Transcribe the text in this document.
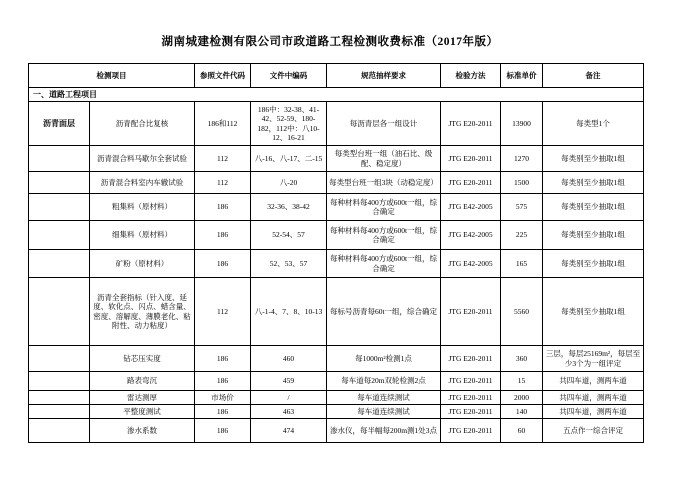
湖南城建检测有限公司市政道路工程检测收费标准（2017年版）
检测项目		参照文件代码	文件中编码	规范抽样要求	检验方法	标准单价	备注
一、道路工程项目							
沥青面层	沥青配合比复核	186和112	186中：32-38、41-42、52-59、180-182，112中：八10-12、16-21	每沥青层各一组设计	JTG E20-2011	13900	每类型1个
	沥青混合料马歇尔全套试验	112	八-16、八-17、二-15	每类型台班一组（油石比、级配、稳定度）	JTG E20-2011	1270	每类别至少抽取1组
	沥青混合料室内车辙试验	112	八-20	每类型台班一组3块（动稳定度）	JTG E20-2011	1500	每类别至少抽取1组
	粗集料（原材料）	186	32-36、38-42	每种材料每400方或600t一组，综合确定	JTG E42-2005	575	每类别至少抽取1组
	细集料（原材料）	186	52-54、57	每种材料每400方或600t一组，综合确定	JTG E42-2005	225	每类别至少抽取1组
	矿粉（原材料）	186	52、53、57	每种材料每400方或600t一组，综合确定	JTG E42-2005	165	每类别至少抽取1组
	沥青全套指标（针入度、延度、软化点、闪点、蜡含量、密度、溶解度、薄膜老化、粘附性、动力粘度）	112	八-1-4、7、8、10-13	每标号沥青每60t一组，综合确定	JTG E20-2011	5560	每类别至少抽取1组
	钻芯压实度	186	460	每1000m²检测1点	JTG E20-2011	360	三层，每层25169m²，每层至少3个为一组评定
	路表弯沉	186	459	每车道每20m双轮检测2点	JTG E20-2011	15	共四车道，测两车道
	雷达测厚	市场价	/	每车道连续测试	JTG E20-2011	2000	共四车道，测两车道
	平整度测试	186	463	每车道连续测试	JTG E20-2011	140	共四车道，测两车道
	渗水系数	186	474	渗水仪，每半幅每200m测1处3点	JTG E20-2011	60	五点作一综合评定
